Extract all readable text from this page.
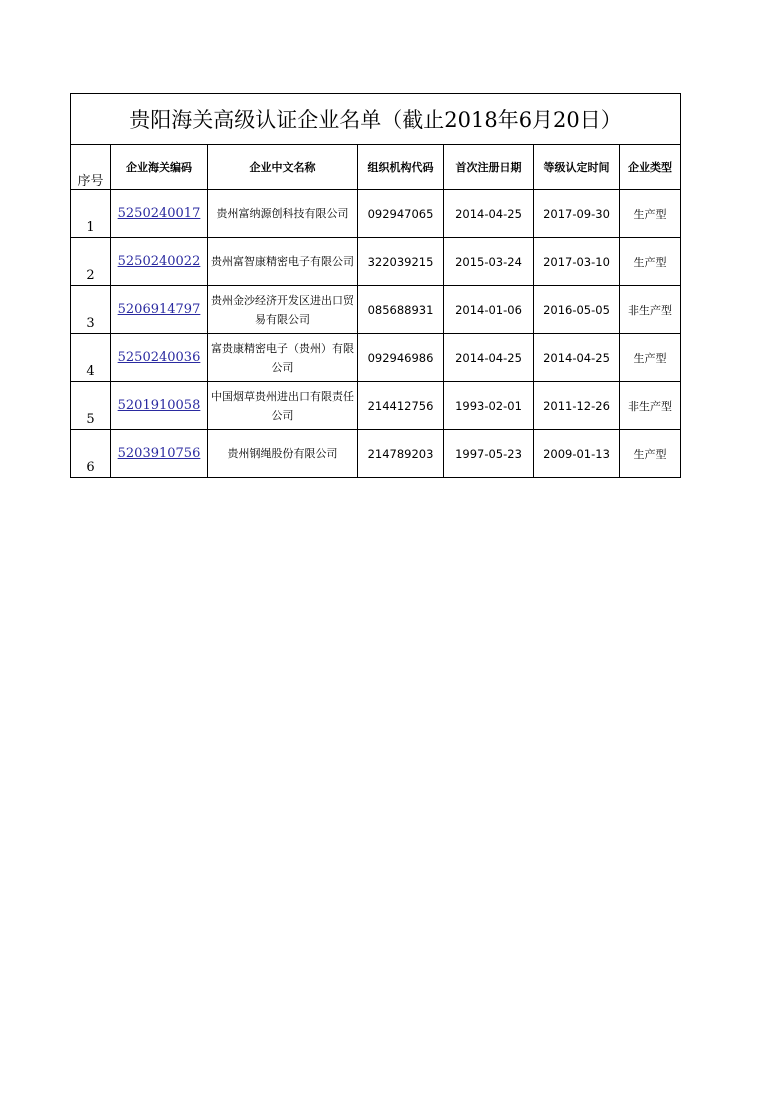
贵阳海关高级认证企业名单（截止2018年6月20日）						
序号	企业海关编码	企业中文名称	组织机构代码	首次注册日期	等级认定时间	企业类型
1	5250240017	贵州富纳源创科技有限公司	092947065	2014-04-25	2017-09-30	生产型
2	5250240022	贵州富智康精密电子有限公司	322039215	2015-03-24	2017-03-10	生产型
3	5206914797	贵州金沙经济开发区进出口贸易有限公司	085688931	2014-01-06	2016-05-05	非生产型
4	5250240036	富贵康精密电子（贵州）有限公司	092946986	2014-04-25	2014-04-25	生产型
5	5201910058	中国烟草贵州进出口有限责任公司	214412756	1993-02-01	2011-12-26	非生产型
6	5203910756	贵州钢绳股份有限公司	214789203	1997-05-23	2009-01-13	生产型
